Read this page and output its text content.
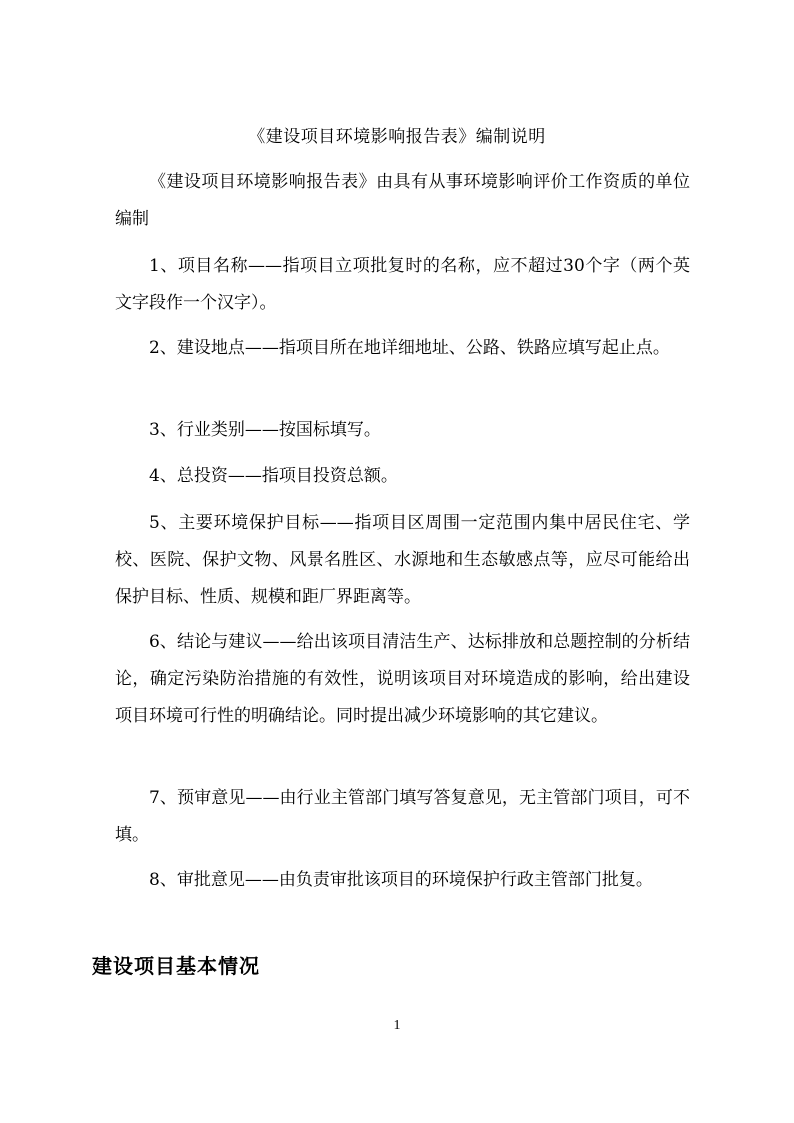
《建设项目环境影响报告表》编制说明

《建设项目环境影响报告表》由具有从事环境影响评价工作资质的单位编制

1、项目名称——指项目立项批复时的名称，应不超过30个字（两个英文字段作一个汉字）。

2、建设地点——指项目所在地详细地址、公路、铁路应填写起止点。

3、行业类别——按国标填写。

4、总投资——指项目投资总额。

5、主要环境保护目标——指项目区周围一定范围内集中居民住宅、学校、医院、保护文物、风景名胜区、水源地和生态敏感点等，应尽可能给出保护目标、性质、规模和距厂界距离等。

6、结论与建议——给出该项目清洁生产、达标排放和总题控制的分析结论，确定污染防治措施的有效性，说明该项目对环境造成的影响，给出建设项目环境可行性的明确结论。同时提出减少环境影响的其它建议。

7、预审意见——由行业主管部门填写答复意见，无主管部门项目，可不填。

8、审批意见——由负责审批该项目的环境保护行政主管部门批复。

建设项目基本情况
1
